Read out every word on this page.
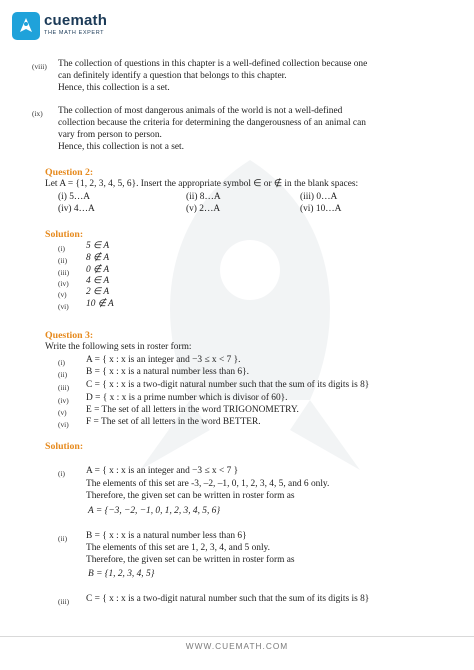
cuemath
THE MATH EXPERT
(viii) The collection of questions in this chapter is a well-defined collection because one
can definitely identify a question that belongs to this chapter.
Hence, this collection is a set.
(ix) The collection of most dangerous animals of the world is not a well-defined
collection because the criteria for determining the dangerousness of an animal can
vary from person to person.
Hence, this collection is not a set.
Question 2:
Let A = {1, 2, 3, 4, 5, 6}. Insert the appropriate symbol ∈ or ∉ in the blank spaces:
(i) 5…A	(ii) 8…A	(iii) 0…A
(iv) 4…A	(v) 2…A	(vi) 10…A
Solution:
(i) 5 ∈ A
(ii) 8 ∉ A
(iii) 0 ∉ A
(iv) 4 ∈ A
(v) 2 ∈ A
(vi) 10 ∉ A
Question 3:
Write the following sets in roster form:
(i) A = { x : x is an integer and −3 ≤ x < 7 }.
(ii) B = { x : x is a natural number less than 6}.
(iii) C = { x : x is a two-digit natural number such that the sum of its digits is 8}
(iv) D = { x : x is a prime number which is divisor of 60}.
(v) E = The set of all letters in the word TRIGONOMETRY.
(vi) F = The set of all letters in the word BETTER.
Solution:
(i) A = { x : x is an integer and −3 ≤ x < 7 }
The elements of this set are -3, –2, –1, 0, 1, 2, 3, 4, 5, and 6 only.
Therefore, the given set can be written in roster form as
A = {−3, −2, −1, 0, 1, 2, 3, 4, 5, 6}
(ii) B = { x : x is a natural number less than 6}
The elements of this set are 1, 2, 3, 4, and 5 only.
Therefore, the given set can be written in roster form as
B = {1, 2, 3, 4, 5}
(iii) C = { x : x is a two-digit natural number such that the sum of its digits is 8}
WWW.CUEMATH.COM
